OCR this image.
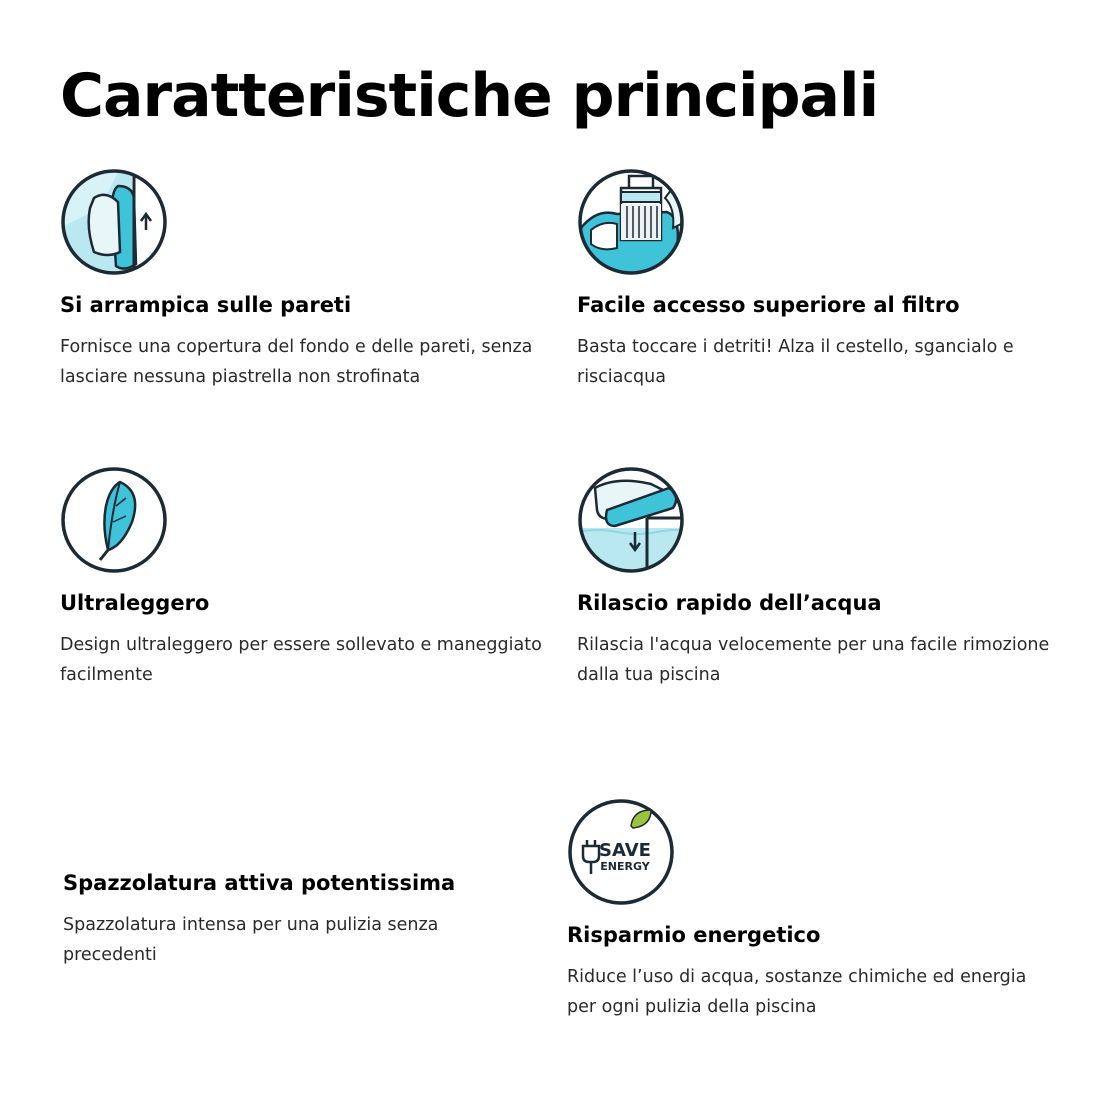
Caratteristiche principali
Si arrampica sulle pareti

Fornisce una copertura del fondo e delle pareti, senza lasciare nessuna piastrella non strofinata

Facile accesso superiore al filtro

Basta toccare i detriti! Alza il cestello, sgancialo e risciacqua

Ultraleggero

Design ultraleggero per essere sollevato e maneggiato facilmente

Rilascio rapido dell’acqua

Rilascia l'acqua velocemente per una facile rimozione dalla tua piscina

Spazzolatura attiva potentissima

Spazzolatura intensa per una pulizia senza precedenti

SAVE
ENERGY
Risparmio energetico

Riduce l’uso di acqua, sostanze chimiche ed energia per ogni pulizia della piscina
